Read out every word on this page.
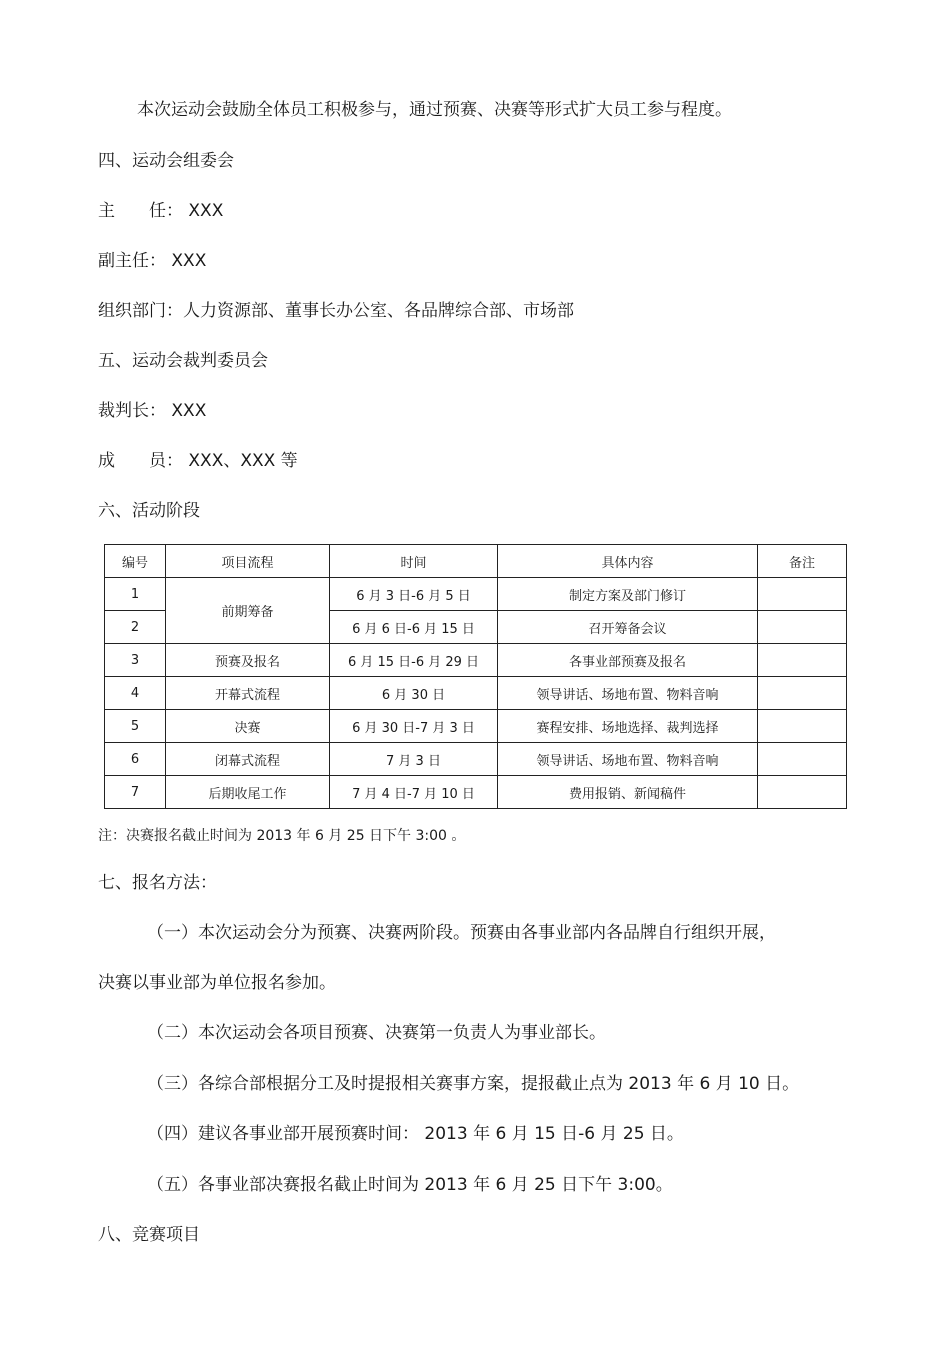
本次运动会鼓励全体员工积极参与，通过预赛、决赛等形式扩大员工参与程度。
四、运动会组委会
主 任： XXX
副主任： XXX
组织部门：人力资源部、董事长办公室、各品牌综合部、市场部
五、运动会裁判委员会
裁判长： XXX
成 员： XXX、XXX 等
六、活动阶段
编号	项目流程	时间	具体内容	备注
1	前期筹备	6 月 3 日-6 月 5 日	制定方案及部门修订	
2		6 月 6 日-6 月 15 日	召开筹备会议	
3	预赛及报名	6 月 15 日-6 月 29 日	各事业部预赛及报名	
4	开幕式流程	6 月 30 日	领导讲话、场地布置、物料音响	
5	决赛	6 月 30 日-7 月 3 日	赛程安排、场地选择、裁判选择	
6	闭幕式流程	7 月 3 日	领导讲话、场地布置、物料音响	
7	后期收尾工作	7 月 4 日-7 月 10 日	费用报销、新闻稿件	
注：决赛报名截止时间为 2013 年 6 月 25 日下午 3:00 。
七、报名方法：
（一）本次运动会分为预赛、决赛两阶段。预赛由各事业部内各品牌自行组织开展，
决赛以事业部为单位报名参加。
（二）本次运动会各项目预赛、决赛第一负责人为事业部长。
（三）各综合部根据分工及时提报相关赛事方案，提报截止点为 2013 年 6 月 10 日。
（四）建议各事业部开展预赛时间： 2013 年 6 月 15 日-6 月 25 日。
（五）各事业部决赛报名截止时间为 2013 年 6 月 25 日下午 3:00。
八、竞赛项目
